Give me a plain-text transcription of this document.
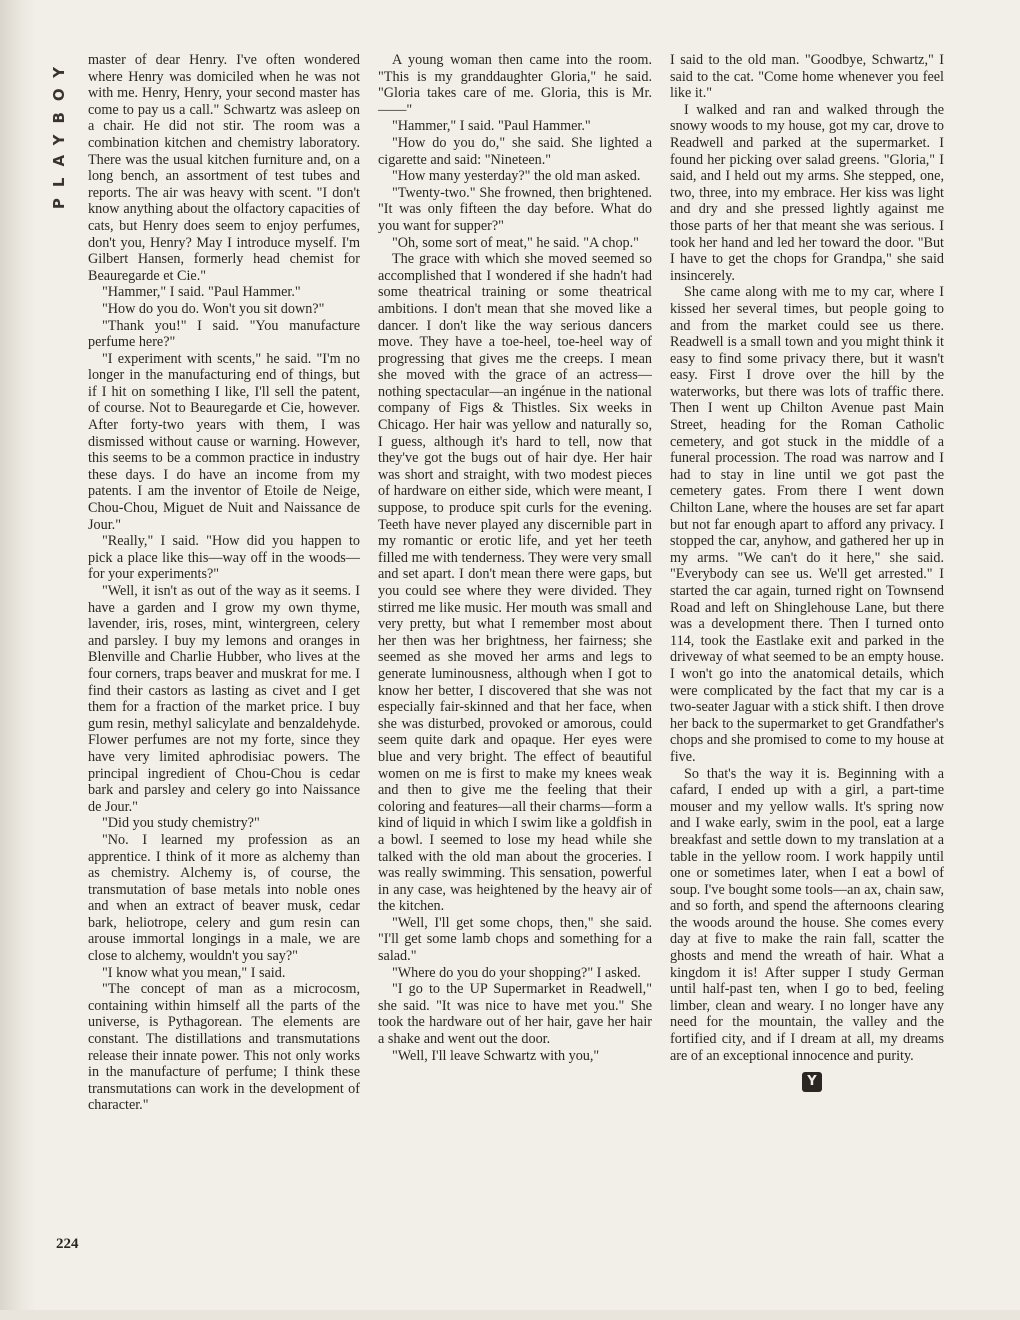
PLAYBOY master of dear Henry. I've often wondered where Henry was domiciled when he was not with me. Henry, Henry, your second master has come to pay us a call." Schwartz was asleep on a chair. He did not stir. The room was a combination kitchen and chemistry laboratory. There was the usual kitchen furniture and, on a long bench, an assortment of test tubes and reports. The air was heavy with scent. "I don't know anything about the olfactory capacities of cats, but Henry does seem to enjoy perfumes, don't you, Henry? May I introduce myself. I'm Gilbert Hansen, formerly head chemist for Beauregarde et Cie."

"Hammer," I said. "Paul Hammer."

"How do you do. Won't you sit down?"

"Thank you!" I said. "You manufacture perfume here?"

"I experiment with scents," he said. "I'm no longer in the manufacturing end of things, but if I hit on something I like, I'll sell the patent, of course. Not to Beauregarde et Cie, however. After forty-two years with them, I was dismissed without cause or warning. However, this seems to be a common practice in industry these days. I do have an income from my patents. I am the inventor of Etoile de Neige, Chou-Chou, Miguet de Nuit and Naissance de Jour."

"Really," I said. "How did you happen to pick a place like this—way off in the woods—for your experiments?"

"Well, it isn't as out of the way as it seems. I have a garden and I grow my own thyme, lavender, iris, roses, mint, wintergreen, celery and parsley. I buy my lemons and oranges in Blenville and Charlie Hubber, who lives at the four corners, traps beaver and muskrat for me. I find their castors as lasting as civet and I get them for a fraction of the market price. I buy gum resin, methyl salicylate and benzaldehyde. Flower perfumes are not my forte, since they have very limited aphrodisiac powers. The principal ingredient of Chou-Chou is cedar bark and parsley and celery go into Naissance de Jour."

"Did you study chemistry?"

"No. I learned my profession as an apprentice. I think of it more as alchemy than as chemistry. Alchemy is, of course, the transmutation of base metals into noble ones and when an extract of beaver musk, cedar bark, heliotrope, celery and gum resin can arouse immortal longings in a male, we are close to alchemy, wouldn't you say?"

"I know what you mean," I said.

"The concept of man as a microcosm, containing within himself all the parts of the universe, is Pythagorean. The elements are constant. The distillations and transmutations release their innate power. This not only works in the manufacture of perfume; I think these transmutations can work in the development of character."

A young woman then came into the room. "This is my granddaughter Gloria," he said. "Gloria takes care of me. Gloria, this is Mr.——"

"Hammer," I said. "Paul Hammer."

"How do you do," she said. She lighted a cigarette and said: "Nineteen."

"How many yesterday?" the old man asked.

"Twenty-two." She frowned, then brightened. "It was only fifteen the day before. What do you want for supper?"

"Oh, some sort of meat," he said. "A chop."

The grace with which she moved seemed so accomplished that I wondered if she hadn't had some theatrical training or some theatrical ambitions. I don't mean that she moved like a dancer. I don't like the way serious dancers move. They have a toe-heel, toe-heel way of progressing that gives me the creeps. I mean she moved with the grace of an actress—nothing spectacular—an ingénue in the national company of Figs & Thistles. Six weeks in Chicago. Her hair was yellow and naturally so, I guess, although it's hard to tell, now that they've got the bugs out of hair dye. Her hair was short and straight, with two modest pieces of hardware on either side, which were meant, I suppose, to produce spit curls for the evening. Teeth have never played any discernible part in my romantic or erotic life, and yet her teeth filled me with tenderness. They were very small and set apart. I don't mean there were gaps, but you could see where they were divided. They stirred me like music. Her mouth was small and very pretty, but what I remember most about her then was her brightness, her fairness; she seemed as she moved her arms and legs to generate luminousness, although when I got to know her better, I discovered that she was not especially fair-skinned and that her face, when she was disturbed, provoked or amorous, could seem quite dark and opaque. Her eyes were blue and very bright. The effect of beautiful women on me is first to make my knees weak and then to give me the feeling that their coloring and features—all their charms—form a kind of liquid in which I swim like a goldfish in a bowl. I seemed to lose my head while she talked with the old man about the groceries. I was really swimming. This sensation, powerful in any case, was heightened by the heavy air of the kitchen.

"Well, I'll get some chops, then," she said. "I'll get some lamb chops and something for a salad."

"Where do you do your shopping?" I asked.

"I go to the UP Supermarket in Readwell," she said. "It was nice to have met you." She took the hardware out of her hair, gave her hair a shake and went out the door.

"Well, I'll leave Schwartz with you,"

I said to the old man. "Goodbye, Schwartz," I said to the cat. "Come home whenever you feel like it."

I walked and ran and walked through the snowy woods to my house, got my car, drove to Readwell and parked at the supermarket. I found her picking over salad greens. "Gloria," I said, and I held out my arms. She stepped, one, two, three, into my embrace. Her kiss was light and dry and she pressed lightly against me those parts of her that meant she was serious. I took her hand and led her toward the door. "But I have to get the chops for Grandpa," she said insincerely.

She came along with me to my car, where I kissed her several times, but people going to and from the market could see us there. Readwell is a small town and you might think it easy to find some privacy there, but it wasn't easy. First I drove over the hill by the waterworks, but there was lots of traffic there. Then I went up Chilton Avenue past Main Street, heading for the Roman Catholic cemetery, and got stuck in the middle of a funeral procession. The road was narrow and I had to stay in line until we got past the cemetery gates. From there I went down Chilton Lane, where the houses are set far apart but not far enough apart to afford any privacy. I stopped the car, anyhow, and gathered her up in my arms. "We can't do it here," she said. "Everybody can see us. We'll get arrested." I started the car again, turned right on Townsend Road and left on Shinglehouse Lane, but there was a development there. Then I turned onto 114, took the Eastlake exit and parked in the driveway of what seemed to be an empty house. I won't go into the anatomical details, which were complicated by the fact that my car is a two-seater Jaguar with a stick shift. I then drove her back to the supermarket to get Grandfather's chops and she promised to come to my house at five.

So that's the way it is. Beginning with a cafard, I ended up with a girl, a part-time mouser and my yellow walls. It's spring now and I wake early, swim in the pool, eat a large breakfast and settle down to my translation at a table in the yellow room. I work happily until one or sometimes later, when I eat a bowl of soup. I've bought some tools—an ax, chain saw, and so forth, and spend the afternoons clearing the woods around the house. She comes every day at five to make the rain fall, scatter the ghosts and mend the wreath of hair. What a kingdom it is! After supper I study German until half-past ten, when I go to bed, feeling limber, clean and weary. I no longer have any need for the mountain, the valley and the fortified city, and if I dream at all, my dreams are of an exceptional innocence and purity.

Y
224
